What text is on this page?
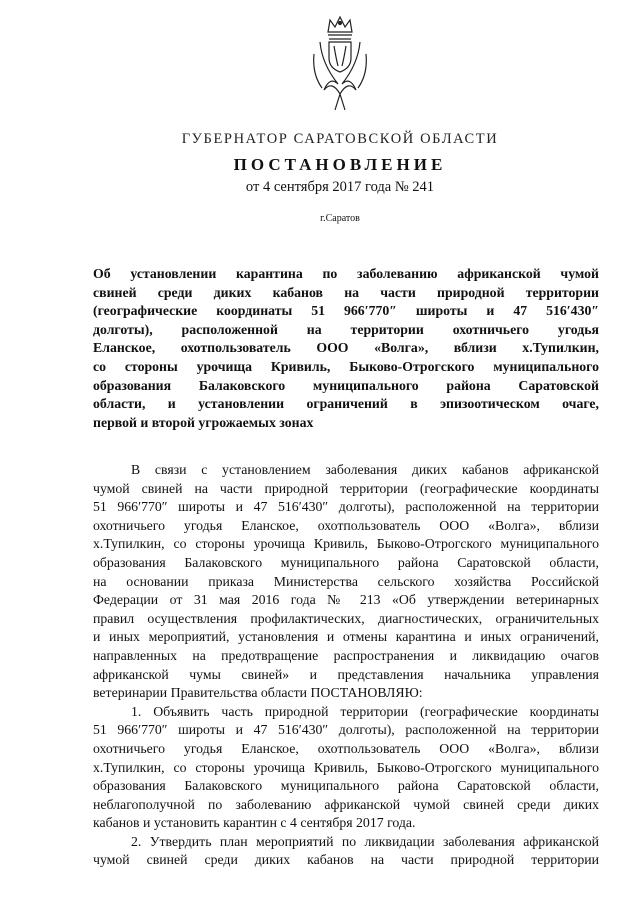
ГУБЕРНАТОР САРАТОВСКОЙ ОБЛАСТИ
ПОСТАНОВЛЕНИЕ
от 4 сентября 2017 года № 241
г.Саратов
Об установлении карантина по заболеванию африканской чумой
свиней среди диких кабанов на части природной территории
(географические координаты 51 966′770″ широты и 47 516′430″
долготы), расположенной на территории охотничьего угодья
Еланское, охотпользователь ООО «Волга», вблизи х.Тупилкин,
со стороны урочища Кривиль, Быково-Отрогского муниципального
образования Балаковского муниципального района Саратовской
области, и установлении ограничений в эпизоотическом очаге,
первой и второй угрожаемых зонах
В связи с установлением заболевания диких кабанов африканской
чумой свиней на части природной территории (географические координаты
51 966′770″ широты и 47 516′430″ долготы), расположенной на территории
охотничьего угодья Еланское, охотпользователь ООО «Волга», вблизи
х.Тупилкин, со стороны урочища Кривиль, Быково-Отрогского муниципального
образования Балаковского муниципального района Саратовской области,
на основании приказа Министерства сельского хозяйства Российской
Федерации от 31 мая 2016 года № 213 «Об утверждении ветеринарных
правил осуществления профилактических, диагностических, ограничительных
и иных мероприятий, установления и отмены карантина и иных ограничений,
направленных на предотвращение распространения и ликвидацию очагов
африканской чумы свиней» и представления начальника управления
ветеринарии Правительства области ПОСТАНОВЛЯЮ:
1. Объявить часть природной территории (географические координаты
51 966′770″ широты и 47 516′430″ долготы), расположенной на территории
охотничьего угодья Еланское, охотпользователь ООО «Волга», вблизи
х.Тупилкин, со стороны урочища Кривиль, Быково-Отрогского муниципального
образования Балаковского муниципального района Саратовской области,
неблагополучной по заболеванию африканской чумой свиней среди диких
кабанов и установить карантин с 4 сентября 2017 года.
2. Утвердить план мероприятий по ликвидации заболевания африканской
чумой свиней среди диких кабанов на части природной территории
